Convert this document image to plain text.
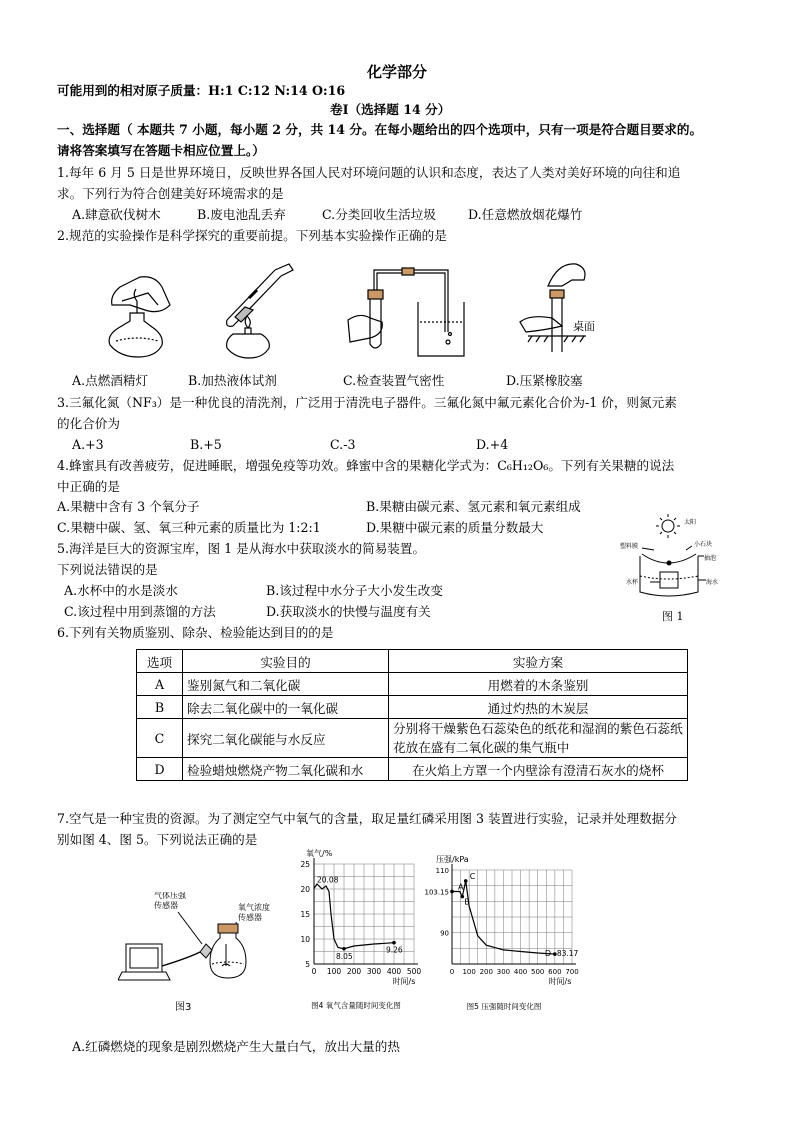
化学部分
可能用到的相对原子质量：H:1 C:12 N:14 O:16
卷Ⅰ（选择题 14 分）
一、选择题（ 本题共 7 小题，每小题 2 分，共 14 分。在每小题给出的四个选项中，只有一项是符合题目要求的。
请将答案填写在答题卡相应位置上。）
1.每年 6 月 5 日是世界环境日，反映世界各国人民对环境问题的认识和态度，表达了人类对美好环境的向往和追
求。下列行为符合创建美好环境需求的是
A.肆意砍伐树木	B.废电池乱丢弃	C.分类回收生活垃圾	D.任意燃放烟花爆竹
2.规范的实验操作是科学探究的重要前提。下列基本实验操作正确的是
桌面
A.点燃酒精灯	B.加热液体试剂	C.检查装置气密性	D.压紧橡胶塞
3.三氟化氮（NF₃）是一种优良的清洗剂，广泛用于清洗电子器件。三氟化氮中氟元素化合价为-1 价，则氮元素
的化合价为
A.+3	B.+5	C.-3	D.+4
4.蜂蜜具有改善疲劳，促进睡眠，增强免疫等功效。蜂蜜中含的果糖化学式为：C₆H₁₂O₆。下列有关果糖的说法
中正确的是
A.果糖中含有 3 个氧分子	B.果糖由碳元素、氢元素和氧元素组成
C.果糖中碳、氢、氧三种元素的质量比为 1:2:1	D.果糖中碳元素的质量分数最大
5.海洋是巨大的资源宝库，图 1 是从海水中获取淡水的简易装置。
下列说法错误的是
A.水杯中的水是淡水	B.该过程中水分子大小发生改变
C.该过程中用到蒸馏的方法	D.获取淡水的快慢与温度有关
太阳
塑料膜	小石块
抽泡
水杯	海水
图 1
6.下列有关物质鉴别、除杂、检验能达到目的的是
选项	实验目的	实验方案
A	鉴别氮气和二氧化碳	用燃着的木条鉴别
B	除去二氧化碳中的一氧化碳	通过灼热的木炭层
C	探究二氧化碳能与水反应	分别将干燥紫色石蕊染色的纸花和湿润的紫色石蕊纸花放在盛有二氧化碳的集气瓶中
D	检验蜡烛燃烧产物二氧化碳和水	在火焰上方罩一个内壁涂有澄清石灰水的烧杯
7.空气是一种宝贵的资源。为了测定空气中氧气的含量，取足量红磷采用图 3 装置进行实验，记录并处理数据分
别如图 4、图 5。下列说法正确的是
气体压强
传感器	氧气浓度
传感器
图3
氧气/%
5
10
15
20
25
0 100 200 300 400 500
时间/s
20.08
8.05
9.26
图4 氧气含量随时间变化图
压强/kPa
90
103.15
110
0 100 200 300 400 500 600 700
时间/s
A
B
C
D 83.17
图5 压强随时间变化图
A.红磷燃烧的现象是剧烈燃烧产生大量白气，放出大量的热
